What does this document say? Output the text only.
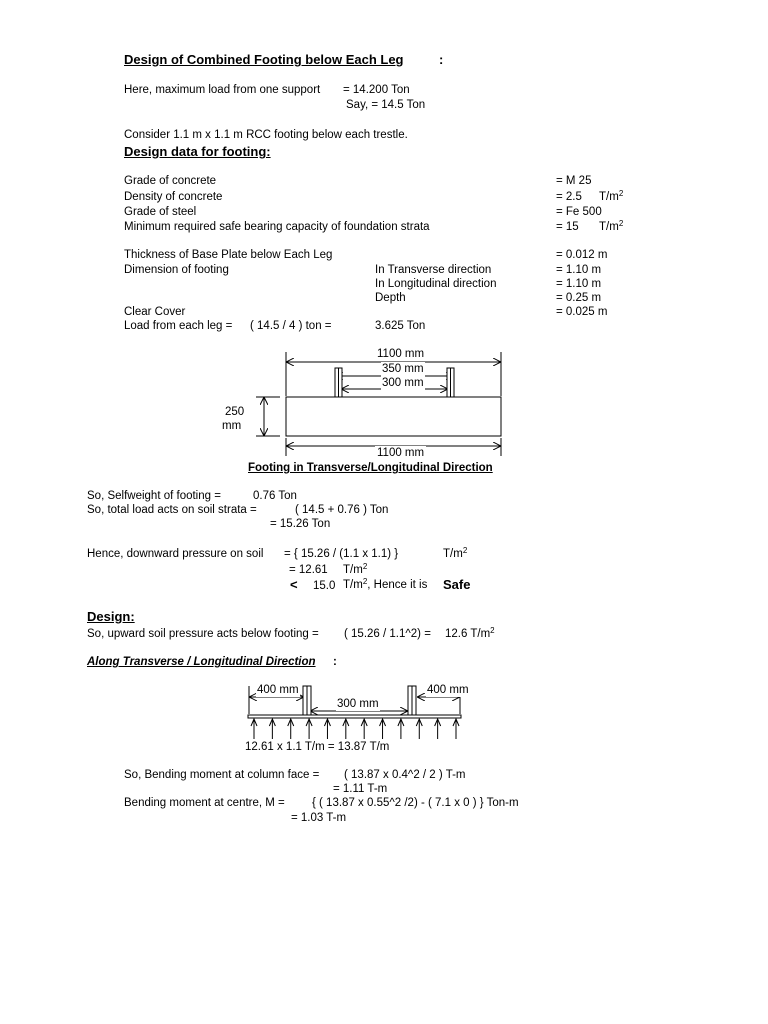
Design of Combined Footing below Each Leg	:
Here, maximum load from one support = 14.200 Ton
Say, = 14.5 Ton
Consider 1.1 m x 1.1 m RCC footing below each trestle.
Design data for footing:
Grade of concrete	= M 25
Density of concrete	= 2.5 $T/m^2$
Grade of steel	= Fe 500
Minimum required safe bearing capacity of foundation strata	= 15 $T/m^2$
Thickness of Base Plate below Each Leg	= 0.012 m
Dimension of footing	In Transverse direction	= 1.10 m
In Longitudinal direction	= 1.10 m
Depth	= 0.25 m
Clear Cover	= 0.025 m
Load from each leg = ( 14.5 / 4 ) ton =	3.625 Ton
1100 mm
350 mm
300 mm
250
mm
1100 mm
Footing in Transverse/Longitudinal Direction
So, Selfweight of footing =	0.76 Ton
So, total load acts on soil strata =	( 14.5 + 0.76 ) Ton
= 15.26 Ton
Hence, downward pressure on soil = { 15.26 / (1.1 x 1.1) }	$T/m^2$
= 12.61 $T/m^2$
< 15.0 $T/m^2$, Hence it is Safe
Design:
So, upward soil pressure acts below footing = ( 15.26 / 1.1^2) = 12.6 $T/m^2$
Along Transverse / Longitudinal Direction :
400 mm
300 mm
400 mm
12.61 x 1.1 T/m = 13.87 T/m
So, Bending moment at column face = ( 13.87 x 0.4^2 / 2 ) T-m
= 1.11 T-m
Bending moment at centre, M = { ( 13.87 x 0.55^2 /2) - ( 7.1 x 0 ) } Ton-m
= 1.03 T-m
